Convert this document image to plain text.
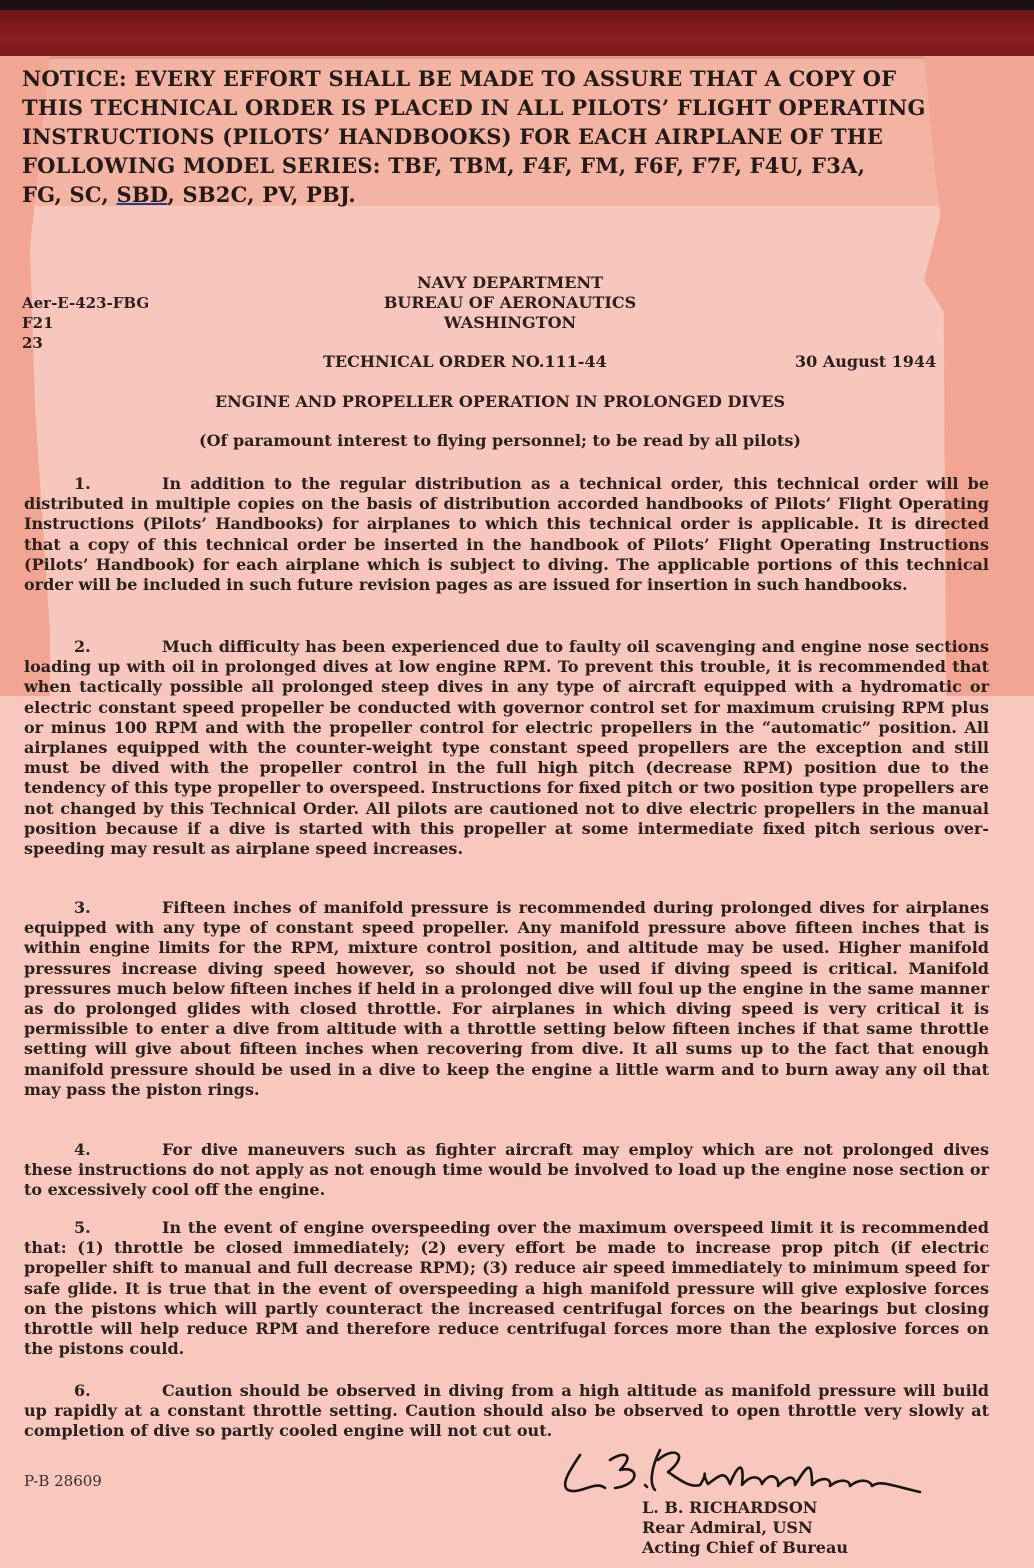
NOTICE: EVERY EFFORT SHALL BE MADE TO ASSURE THAT A COPY OF
THIS TECHNICAL ORDER IS PLACED IN ALL PILOTS’ FLIGHT OPERATING
INSTRUCTIONS (PILOTS’ HANDBOOKS) FOR EACH AIRPLANE OF THE
FOLLOWING MODEL SERIES: TBF, TBM, F4F, FM, F6F, F7F, F4U, F3A,
FG, SC, SBD, SB2C, PV, PBJ.
NAVY DEPARTMENT
BUREAU OF AERONAUTICS
WASHINGTON
Aer-E-423-FBG
F21
23
TECHNICAL ORDER NO.111-44	30 August 1944
ENGINE AND PROPELLER OPERATION IN PROLONGED DIVES
(Of paramount interest to flying personnel; to be read by all pilots)
1.	In addition to the regular distribution as a technical order, this technical order will be distributed in multiple copies on the basis of distribution accorded handbooks of Pilots’ Flight Operating Instructions (Pilots’ Handbooks) for airplanes to which this technical order is applicable. It is directed that a copy of this technical order be inserted in the handbook of Pilots’ Flight Operating Instructions (Pilots’ Handbook) for each airplane which is subject to diving. The applicable portions of this technical order will be included in such future revision pages as are issued for insertion in such handbooks.
2.	Much difficulty has been experienced due to faulty oil scavenging and engine nose sections loading up with oil in prolonged dives at low engine RPM. To prevent this trouble, it is recommended that when tactically possible all prolonged steep dives in any type of aircraft equipped with a hydromatic or electric constant speed propeller be conducted with governor control set for maximum cruising RPM plus or minus 100 RPM and with the propeller control for electric propellers in the “automatic” position. All airplanes equipped with the counter-weight type constant speed propellers are the exception and still must be dived with the propeller control in the full high pitch (decrease RPM) position due to the tendency of this type propeller to overspeed. Instructions for fixed pitch or two position type propellers are not changed by this Technical Order. All pilots are cautioned not to dive electric propellers in the manual position because if a dive is started with this propeller at some intermediate fixed pitch serious over-speeding may result as airplane speed increases.
3.	Fifteen inches of manifold pressure is recommended during prolonged dives for airplanes equipped with any type of constant speed propeller. Any manifold pressure above fifteen inches that is within engine limits for the RPM, mixture control position, and altitude may be used. Higher manifold pressures increase diving speed however, so should not be used if diving speed is critical. Manifold pressures much below fifteen inches if held in a prolonged dive will foul up the engine in the same manner as do prolonged glides with closed throttle. For airplanes in which diving speed is very critical it is permissible to enter a dive from altitude with a throttle setting below fifteen inches if that same throttle setting will give about fifteen inches when recovering from dive. It all sums up to the fact that enough manifold pressure should be used in a dive to keep the engine a little warm and to burn away any oil that may pass the piston rings.
4.	For dive maneuvers such as fighter aircraft may employ which are not prolonged dives these instructions do not apply as not enough time would be involved to load up the engine nose section or to excessively cool off the engine.
5.	In the event of engine overspeeding over the maximum overspeed limit it is recommended that: (1) throttle be closed immediately; (2) every effort be made to increase prop pitch (if electric propeller shift to manual and full decrease RPM); (3) reduce air speed immediately to minimum speed for safe glide. It is true that in the event of overspeeding a high manifold pressure will give explosive forces on the pistons which will partly counteract the increased centrifugal forces on the bearings but closing throttle will help reduce RPM and therefore reduce centrifugal forces more than the explosive forces on the pistons could.
6.	Caution should be observed in diving from a high altitude as manifold pressure will build up rapidly at a constant throttle setting. Caution should also be observed to open throttle very slowly at completion of dive so partly cooled engine will not cut out.
P-B 28609
L. B. RICHARDSON
Rear Admiral, USN
Acting Chief of Bureau
